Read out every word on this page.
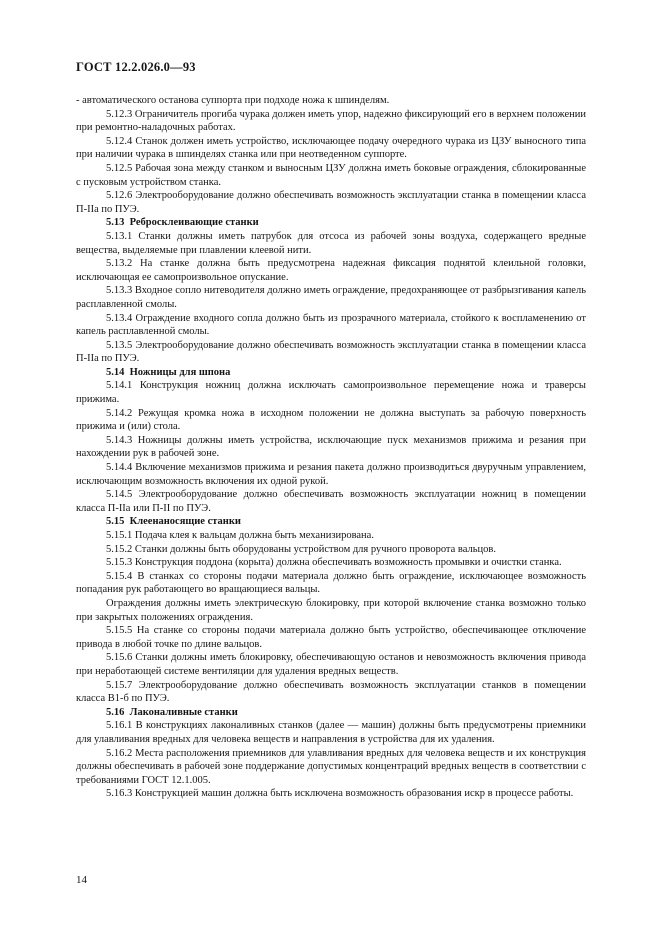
ГОСТ 12.2.026.0—93

- автоматического останова суппорта при подходе ножа к шпинделям.

5.12.3 Ограничитель прогиба чурака должен иметь упор, надежно фиксирующий его в верхнем положении при ремонтно-наладочных работах.

5.12.4 Станок должен иметь устройство, исключающее подачу очередного чурака из ЦЗУ выносного типа при наличии чурака в шпинделях станка или при неотведенном суппорте.

5.12.5 Рабочая зона между станком и выносным ЦЗУ должна иметь боковые ограждения, сблокированные с пусковым устройством станка.

5.12.6 Электрооборудование должно обеспечивать возможность эксплуатации станка в помещении класса П-IIа по ПУЭ.

5.13 Ребросклеивающие станки

5.13.1 Станки должны иметь патрубок для отсоса из рабочей зоны воздуха, содержащего вредные вещества, выделяемые при плавлении клеевой нити.

5.13.2 На станке должна быть предусмотрена надежная фиксация поднятой клеильной головки, исключающая ее самопроизвольное опускание.

5.13.3 Входное сопло нитеводителя должно иметь ограждение, предохраняющее от разбрызгивания капель расплавленной смолы.

5.13.4 Ограждение входного сопла должно быть из прозрачного материала, стойкого к воспламенению от капель расплавленной смолы.

5.13.5 Электрооборудование должно обеспечивать возможность эксплуатации станка в помещении класса П-IIа по ПУЭ.

5.14 Ножницы для шпона

5.14.1 Конструкция ножниц должна исключать самопроизвольное перемещение ножа и траверсы прижима.

5.14.2 Режущая кромка ножа в исходном положении не должна выступать за рабочую поверхность прижима и (или) стола.

5.14.3 Ножницы должны иметь устройства, исключающие пуск механизмов прижима и резания при нахождении рук в рабочей зоне.

5.14.4 Включение механизмов прижима и резания пакета должно производиться двуручным управлением, исключающим возможность включения их одной рукой.

5.14.5 Электрооборудование должно обеспечивать возможность эксплуатации ножниц в помещении класса П-IIа или П-II по ПУЭ.

5.15 Клеенаносящие станки

5.15.1 Подача клея к вальцам должна быть механизирована.

5.15.2 Станки должны быть оборудованы устройством для ручного проворота вальцов.

5.15.3 Конструкция поддона (корыта) должна обеспечивать возможность промывки и очистки станка.

5.15.4 В станках со стороны подачи материала должно быть ограждение, исключающее возможность попадания рук работающего во вращающиеся вальцы.

Ограждения должны иметь электрическую блокировку, при которой включение станка возможно только при закрытых положениях ограждения.

5.15.5 На станке со стороны подачи материала должно быть устройство, обеспечивающее отключение привода в любой точке по длине вальцов.

5.15.6 Станки должны иметь блокировку, обеспечивающую останов и невозможность включения привода при неработающей системе вентиляции для удаления вредных веществ.

5.15.7 Электрооборудование должно обеспечивать возможность эксплуатации станков в помещении класса В1-б по ПУЭ.

5.16 Лаконаливные станки

5.16.1 В конструкциях лаконаливных станков (далее — машин) должны быть предусмотрены приемники для улавливания вредных для человека веществ и направления в устройства для их удаления.

5.16.2 Места расположения приемников для улавливания вредных для человека веществ и их конструкция должны обеспечивать в рабочей зоне поддержание допустимых концентраций вредных веществ в соответствии с требованиями ГОСТ 12.1.005.

5.16.3 Конструкцией машин должна быть исключена возможность образования искр в процессе работы.

14
